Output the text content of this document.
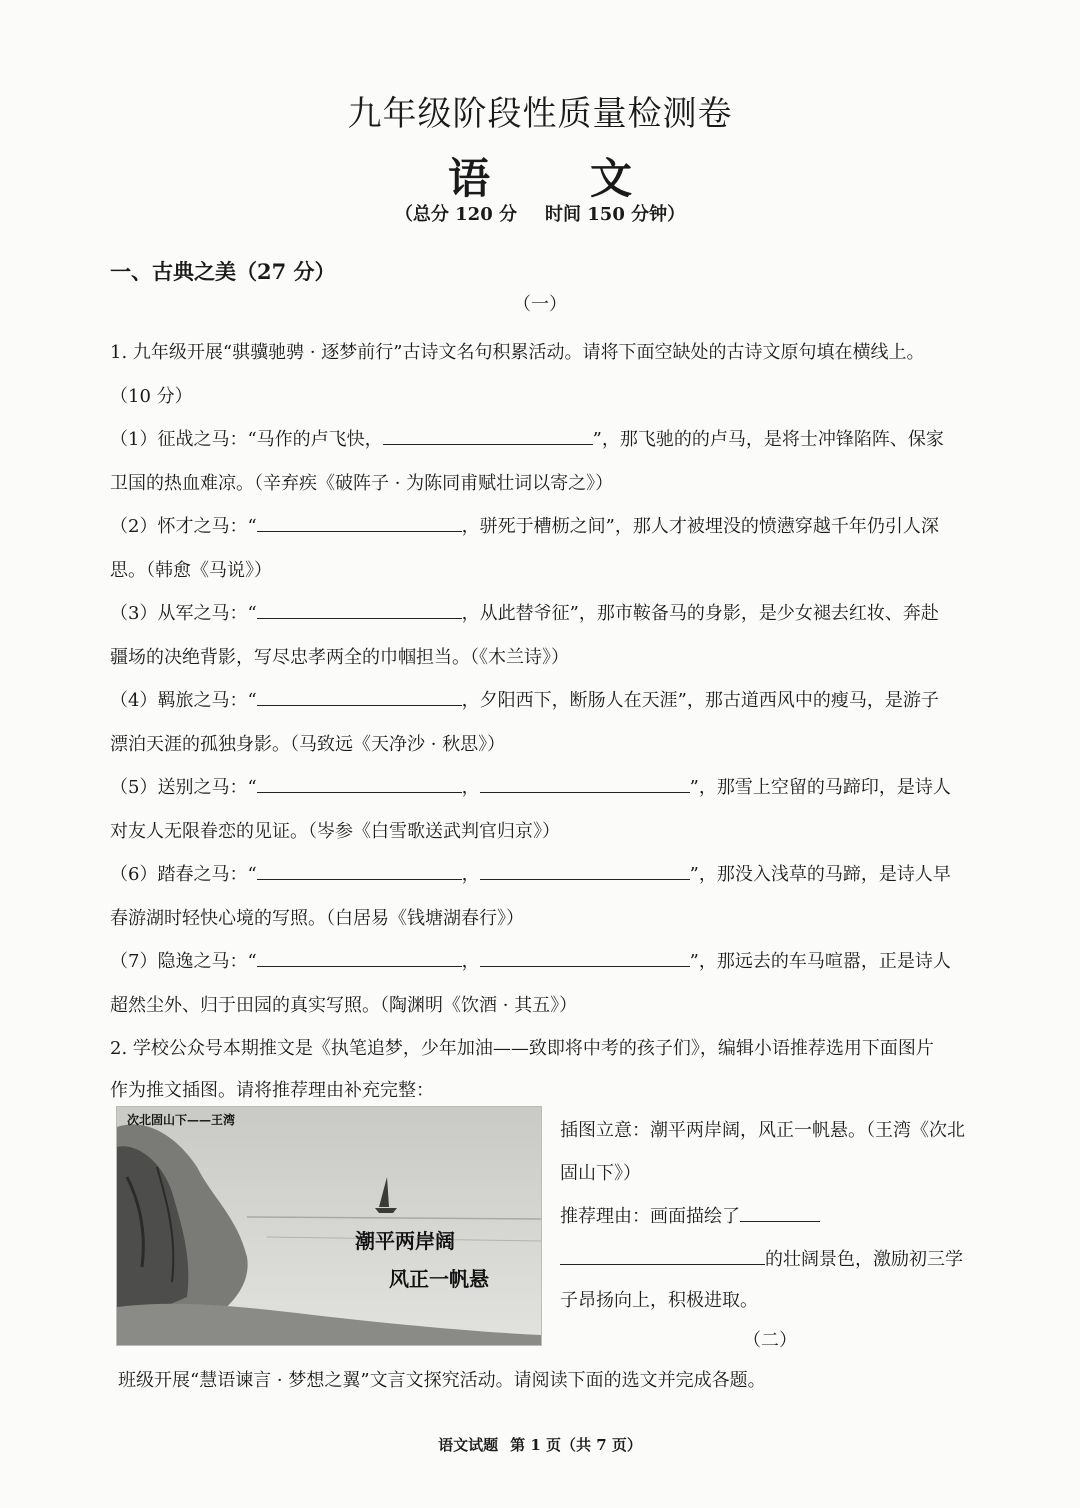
九年级阶段性质量检测卷
语 文
（总分 120 分 时间 150 分钟）
一、古典之美（27 分）
（一）
1. 九年级开展“骐骥驰骋 · 逐梦前行”古诗文名句积累活动。请将下面空缺处的古诗文原句填在横线上。
（10 分）
（1）征战之马：“马作的卢飞快，	”，那飞驰的的卢马，是将士冲锋陷阵、保家
卫国的热血难凉。（辛弃疾《破阵子 · 为陈同甫赋壮词以寄之》）
（2）怀才之马：“	，骈死于槽枥之间”，那人才被埋没的愤懑穿越千年仍引人深
思。（韩愈《马说》）
（3）从军之马：“	，从此替爷征”，那市鞍备马的身影，是少女褪去红妆、奔赴
疆场的决绝背影，写尽忠孝两全的巾帼担当。（《木兰诗》）
（4）羁旅之马：“	，夕阳西下，断肠人在天涯”，那古道西风中的瘦马，是游子
漂泊天涯的孤独身影。（马致远《天净沙 · 秋思》）
（5）送别之马：“	，	”，那雪上空留的马蹄印，是诗人
对友人无限眷恋的见证。（岑参《白雪歌送武判官归京》）
（6）踏春之马：“	，	”，那没入浅草的马蹄，是诗人早
春游湖时轻快心境的写照。（白居易《钱塘湖春行》）
（7）隐逸之马：“	，	”，那远去的车马喧嚣，正是诗人
超然尘外、归于田园的真实写照。（陶渊明《饮酒 · 其五》）
2. 学校公众号本期推文是《执笔追梦，少年加油——致即将中考的孩子们》，编辑小语推荐选用下面图片
作为推文插图。请将推荐理由补充完整：
次北固山下——王湾
潮平两岸阔
风正一帆悬
插图立意：潮平两岸阔，风正一帆悬。（王湾《次北
固山下》）
推荐理由：画面描绘了
的壮阔景色，激励初三学
子昂扬向上，积极进取。
（二）
班级开展“慧语谏言 · 梦想之翼”文言文探究活动。请阅读下面的选文并完成各题。
语文试题 第 1 页（共 7 页）
